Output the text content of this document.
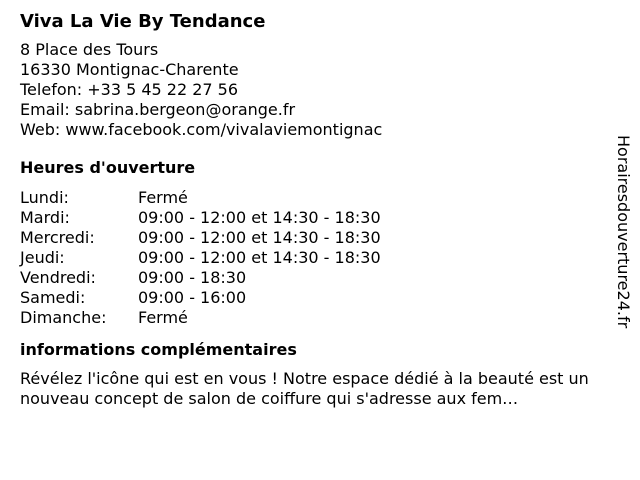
Viva La Vie By Tendance
8 Place des Tours
16330 Montignac-Charente
Telefon: +33 5 45 22 27 56
Email: sabrina.bergeon@orange.fr
Web: www.facebook.com/vivalaviemontignac
Heures d'ouverture
Lundi:	Fermé
Mardi:	09:00 - 12:00 et 14:30 - 18:30
Mercredi:	09:00 - 12:00 et 14:30 - 18:30
Jeudi:	09:00 - 12:00 et 14:30 - 18:30
Vendredi:	09:00 - 18:30
Samedi:	09:00 - 16:00
Dimanche:	Fermé
informations complémentaires
Révélez l'icône qui est en vous ! Notre espace dédié à la beauté est un nouveau concept de salon de coiffure qui s'adresse aux fem…
Horairesdouverture24.fr
